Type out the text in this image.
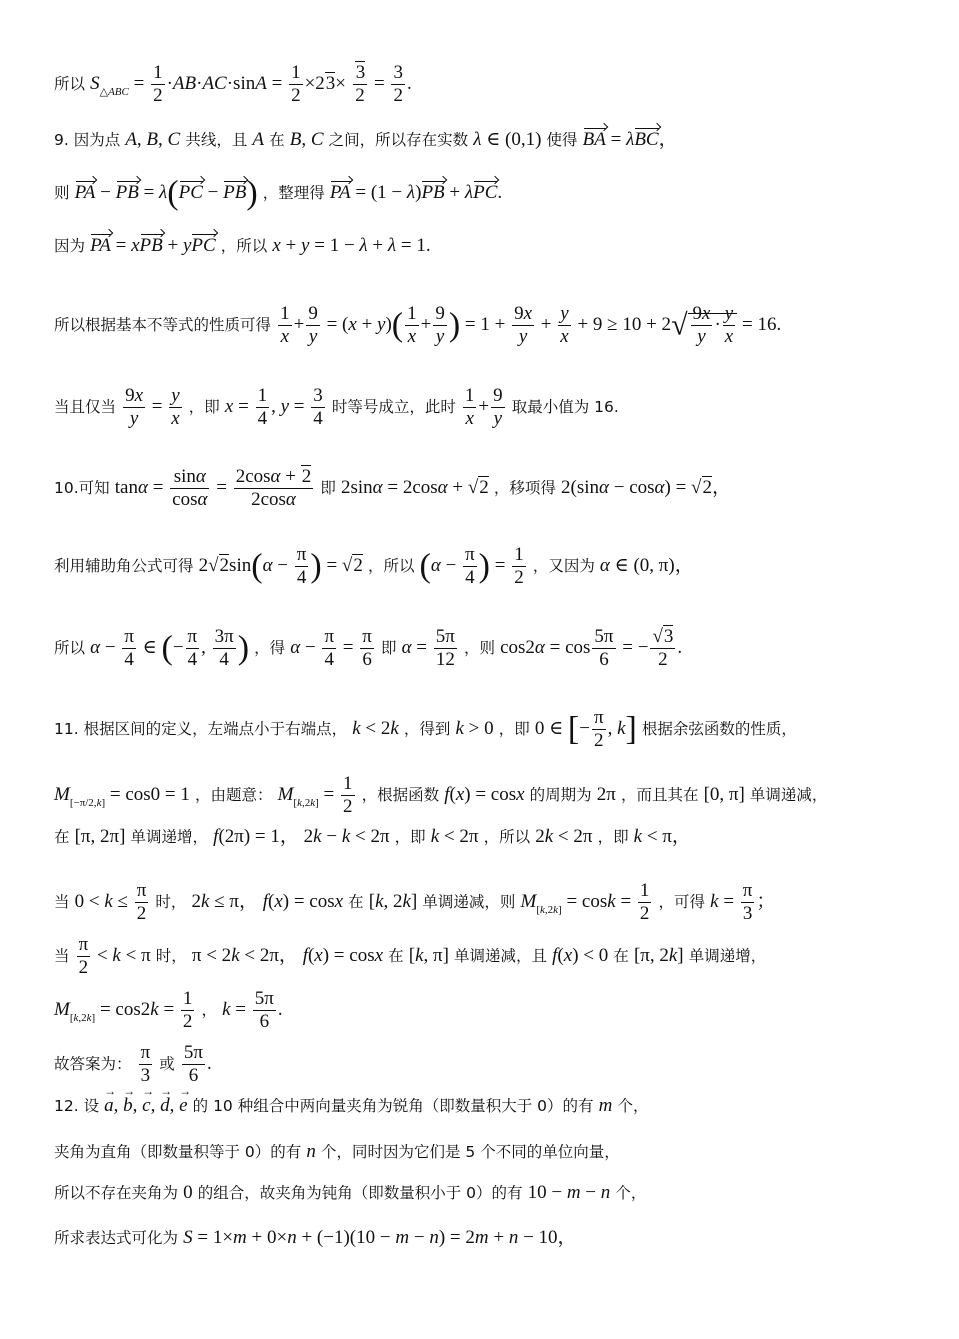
所以 $S_{\triangle ABC} = \frac{1}{2} \cdot AB\cdot AC\cdot\sin A = \frac{1}{2} \times 23\times \frac{3}{2} = \frac{3}{2}$ .
9. 因为点 A, B, C 共线，且 A 在 B, C 之间，所以存在实数 λ ∈ (0,1) 使得 BA = λBC，
则 PA − PB = λ(PC − PB) ，整理得 PA = (1 − λ)PB + λPC.
因为 PA = xPB + yPC ，所以 x + y = 1 − λ + λ = 1.
所以根据基本不等式的性质可得 $\frac{1}{x} + \frac{9}{y} = (x + y)( \frac{1}{x} + \frac{9}{y}$ ) = $1 + \frac{9x}{y} + \frac{y}{x} + 9 \ge 10 + 2√ \frac{9x}{y} \cdot \frac{y}{x} = 16$.
当且仅当 $\frac{9x}{y} = \frac{y}{x}$ ，即 $x = \frac{1}{4}$ , $y = \frac{3}{4}$ 时等号成立，此时 $\frac{1}{x} + \frac{9}{y}$ 取最小值为 16.
10.可知 $\tan\alpha = \frac{\sin\alpha}{\cos\alpha} = \frac{2\cos\alpha + 2}{2\cos\alpha}$ 即 2sinα = 2cosα + √2 ，移项得 2(sinα − cosα) = √2，
利用辅助角公式可得 $2√2\sin(\alpha - \frac{\pi}{4}$ ) = √2 ，所以 ($\alpha - \frac{\pi}{4}$ ) = $\frac{1}{2}$ ，又因为 α ∈ (0, π)，
所以 $\alpha - \frac{\pi}{4}$ ∈ (− $\frac{\pi}{4}$ , $\frac{3\pi}{4}$ ) ，得 $\alpha - \frac{\pi}{4} = \frac{\pi}{6}$ 即 $\alpha = \frac{5\pi}{12}$ ，则 $\cos 2\alpha = \cos \frac{5\pi}{6}$ = − $\frac{√3}{2}$ .
11. 根据区间的定义，左端点小于右端点， k < 2k ，得到 k > 0 ，即 0 ∈ [− $\frac{\pi}{2}$ , k] 根据余弦函数的性质，
$M_{[-\pi/2,k]} = \cos 0 = 1$ ，由题意： $M_{[k,2k]} = \frac{1}{2}$ ，根据函数 f(x) = cosx 的周期为 2π ，而且其在 [0, π] 单调递减，
在 [π, 2π] 单调递增， f(2π) = 1， 2k − k < 2π ，即 k < 2π ，所以 2k < 2π ，即 k < π，
当 $0 < k \le \frac{\pi}{2}$ 时， 2k ≤ π， f(x) = cosx 在 [k, 2k] 单调递减，则 $M_{[k,2k]} = \cos k = \frac{1}{2}$ ，可得 $k = \frac{\pi}{3}$ ；
当 $\frac{\pi}{2} < k < \pi$ 时， π < 2k < 2π， f(x) = cosx 在 [k, π] 单调递减，且 f(x) < 0 在 [π, 2k] 单调递增，
$M_{[k,2k]} = \cos 2k = \frac{1}{2}$ ， $k = \frac{5\pi}{6}$ .
故答案为： $\frac{\pi}{3}$ 或 $\frac{5\pi}{6}$ .
12. 设 a →, b →, c →, d →, e → 的 10 种组合中两向量夹角为锐角（即数量积大于 0）的有 m 个，
夹角为直角（即数量积等于 0）的有 n 个，同时因为它们是 5 个不同的单位向量，
所以不存在夹角为 0 的组合，故夹角为钝角（即数量积小于 0）的有 10 − m − n 个，
所求表达式可化为 S = 1×m + 0×n + (−1)(10 − m − n) = 2m + n − 10，
